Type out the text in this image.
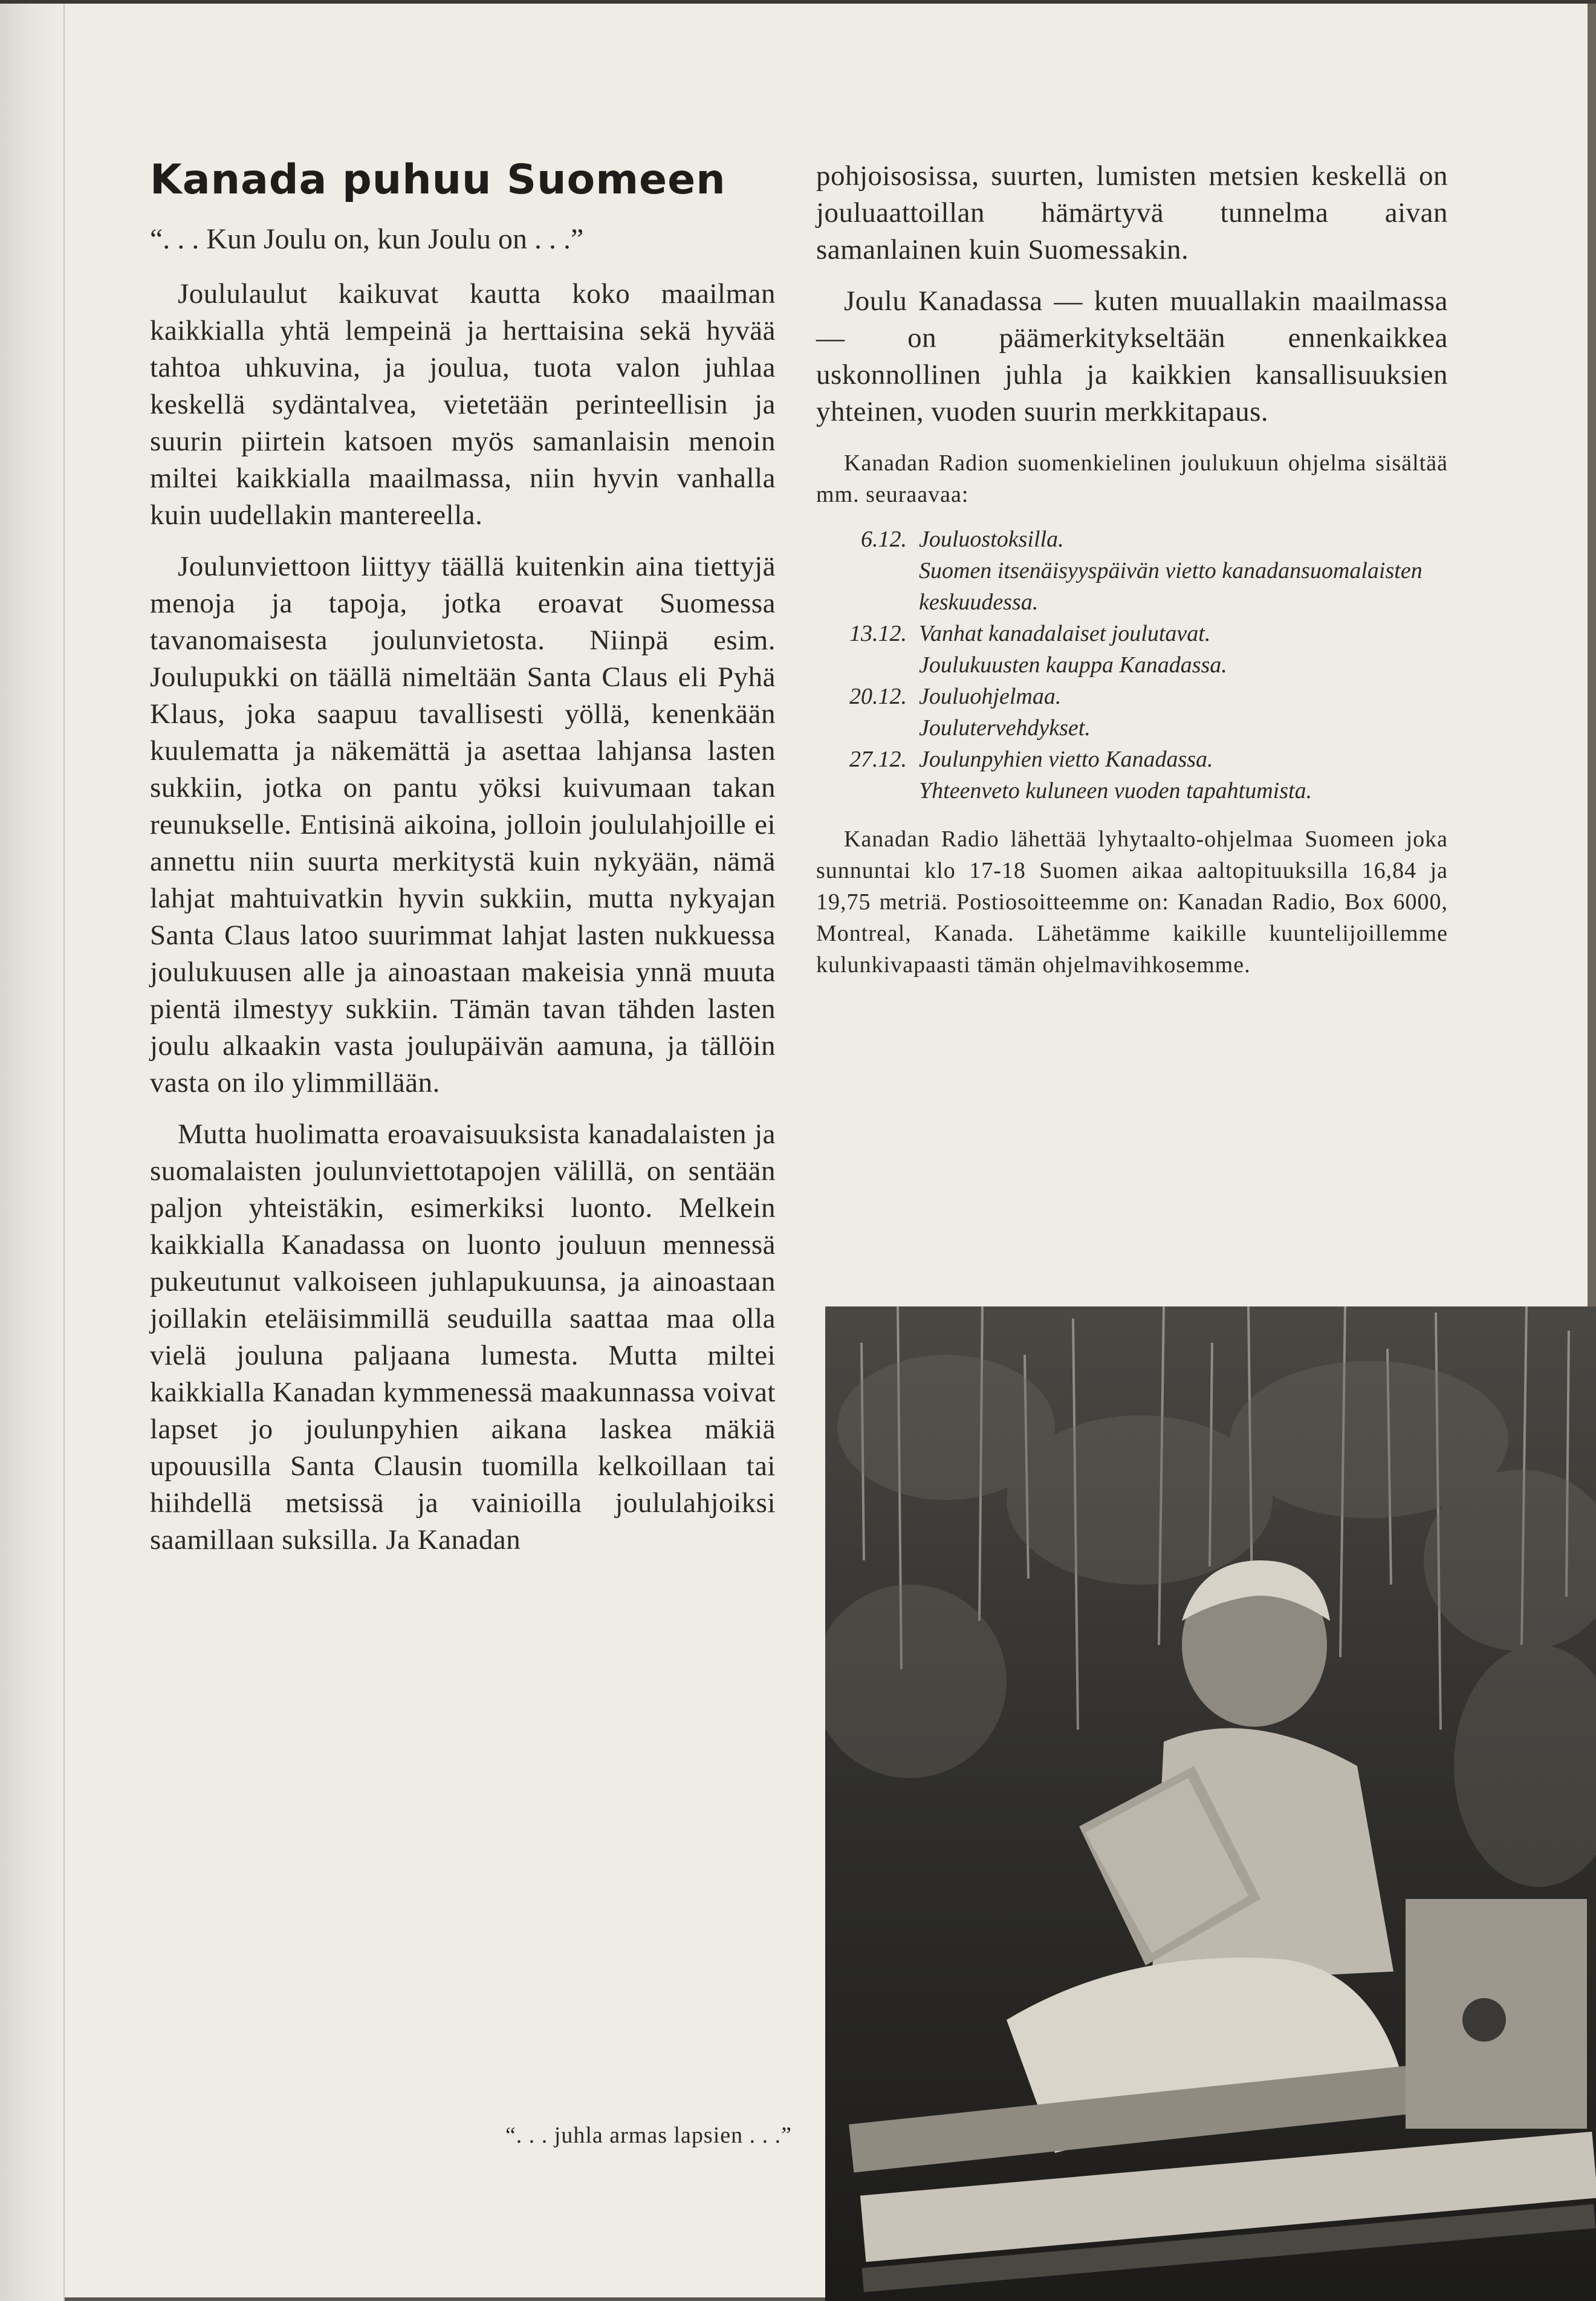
Kanada puhuu Suomeen

“. . . Kun Joulu on, kun Joulu on . . .”

Joululaulut kaikuvat kautta koko maailman kaikkialla yhtä lempeinä ja herttaisina sekä hyvää tahtoa uhkuvina, ja joulua, tuota valon juhlaa keskellä sydäntalvea, vietetään perinteellisin ja suurin piirtein katsoen myös samanlaisin menoin miltei kaikkialla maailmassa, niin hyvin vanhalla kuin uudellakin mantereella.

Joulunviettoon liittyy täällä kuitenkin aina tiettyjä menoja ja tapoja, jotka eroavat Suomessa tavanomaisesta joulunvietosta. Niinpä esim. Joulupukki on täällä nimeltään Santa Claus eli Pyhä Klaus, joka saapuu tavallisesti yöllä, kenenkään kuulematta ja näkemättä ja asettaa lahjansa lasten sukkiin, jotka on pantu yöksi kuivumaan takan reunukselle. Entisinä aikoina, jolloin joululahjoille ei annettu niin suurta merkitystä kuin nykyään, nämä lahjat mahtuivatkin hyvin sukkiin, mutta nykyajan Santa Claus latoo suurimmat lahjat lasten nukkuessa joulukuusen alle ja ainoastaan makeisia ynnä muuta pientä ilmestyy sukkiin. Tämän tavan tähden lasten joulu alkaakin vasta joulupäivän aamuna, ja tällöin vasta on ilo ylimmillään.

Mutta huolimatta eroavaisuuksista kanadalaisten ja suomalaisten joulunviettotapojen välillä, on sentään paljon yhteistäkin, esimerkiksi luonto. Melkein kaikkialla Kanadassa on luonto jouluun mennessä pukeutunut valkoiseen juhlapukuunsa, ja ainoastaan joillakin eteläisimmillä seuduilla saattaa maa olla vielä jouluna paljaana lumesta. Mutta miltei kaikkialla Kanadan kymmenessä maakunnassa voivat lapset jo joulunpyhien aikana laskea mäkiä upouusilla Santa Clausin tuomilla kelkoillaan tai hiihdellä metsissä ja vainioilla joululahjoiksi saamillaan suksilla. Ja Kanadan

pohjoisosissa, suurten, lumisten metsien keskellä on jouluaattoillan hämärtyvä tunnelma aivan samanlainen kuin Suomessakin.

Joulu Kanadassa — kuten muuallakin maailmassa — on päämerkitykseltään ennenkaikkea uskonnollinen juhla ja kaikkien kansallisuuksien yhteinen, vuoden suurin merkkitapaus.

Kanadan Radion suomenkielinen joulukuun ohjelma sisältää mm. seuraavaa:

6.12. Jouluostoksilla.
Suomen itsenäisyyspäivän vietto kanadansuomalaisten keskuudessa.
13.12. Vanhat kanadalaiset joulutavat.
Joulukuusten kauppa Kanadassa.
20.12. Jouluohjelmaa.
Joulutervehdykset.
27.12. Joulunpyhien vietto Kanadassa.
Yhteenveto kuluneen vuoden tapahtumista.

Kanadan Radio lähettää lyhytaalto-ohjelmaa Suomeen joka sunnuntai klo 17-18 Suomen aikaa aaltopituuksilla 16,84 ja 19,75 metriä. Postiosoitteemme on: Kanadan Radio, Box 6000, Montreal, Kanada. Lähetämme kaikille kuuntelijoillemme kulunkivapaasti tämän ohjelmavihkosemme.

“. . . juhla armas lapsien . . .”
